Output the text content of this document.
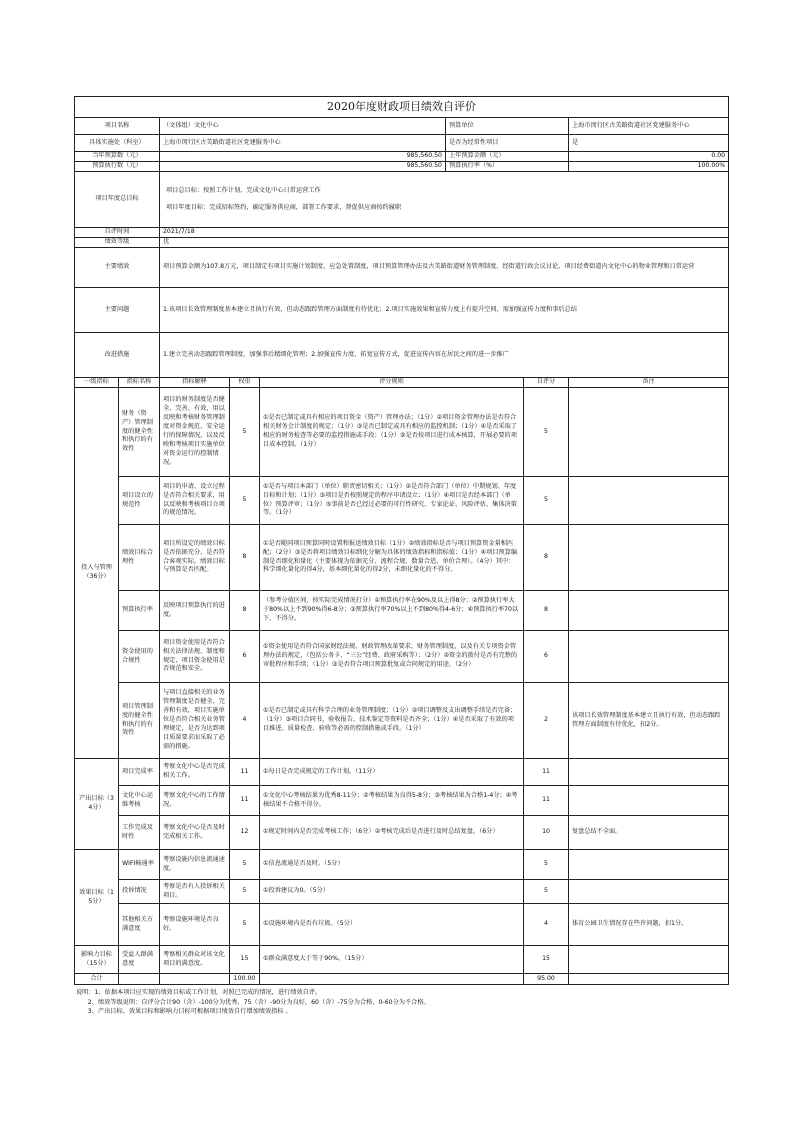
2020年度财政项目绩效自评价							
项目名称		（文体组）文化中心			预算单位		上海市闵行区古美路街道社区党建服务中心
具体实施处（科室）		上海市闵行区古美路街道社区党建服务中心			是否为经常性项目		是
当年预算数（元）		985,560.50			上年预算金额（元）		0.00
预算执行数（元）		985,560.50			预算执行率（%）		100.00%
项目年度总目标		项目总目标：按照工作计划，完成文化中心日常运营工作
项目年度目标：完成招标签约，确定服务供应商，部署工作要求，督促供应商按约履职					

自评时间		2021/7/18					
绩效等级		优					
主要绩效		项目预算金额为107.8万元，项目制定有项目实施计划制度、应急处置制度，项目预算管理办法及古美路街道财务管理制度、经街道行政会议讨论，项目经费街道内文化中心的物业管理和日常运营					
主要问题		1.该项目长效管理制度基本建立且执行有效，但动态跟踪管理方面制度有待优化；2.项目实施效果和宣传力度上有提升空间，需加强宣传力度和事后总结					
改进措施		1.建立完善动态跟踪管理制度，加强事后精细化管理；2.加强宣传力度、拓宽宣传方式，促进宣传内容在居民之间的进一步推广					
一级指标	指标名称	指标解释	权重	评分规则		自评分	备注
投入与管理（36分）	财务（资产）管理制度的健全性和执行的有效性	项目的财务制度是否健全、完善、有效，用以反映和考核财务管理制度对资金规范、安全运行的保障情况，以及反映和考核项目实施单位对资金运行的控制情况。	5	①是否已制定或具有相应的项目资金（资产）管理办法；（1分）②项目资金管理办法是否符合相关财务会计制度的规定；（1分）③是否已制定或具有相应的监控机制；（1分）④是否采取了相应的财务检查等必要的监控措施或手段；（1分）⑤是否按项目进行成本核算，开展必要的项目成本控制。（1分）		5	
	项目设立的规范性	项目的申请、设立过程是否符合相关要求，用以反映和考核项目立项的规范情况。	5	①是否与项目本部门（单位）职责密切相关；（1分）②是否符合部门（单位）中期规划、年度目标和计划；（1分）③项目是否按照规定的程序申请设立；（1分）④项目是否经本部门（单位）预算评审；（1分）⑤事前是否已经过必要的可行性研究、专家论证、风险评估、集体决策等。（1分）		5	
	绩效目标合理性	项目所设定的绩效目标是否依据充分，是否符合客观实际，绩效目标与预算是否匹配。	8	①是否随同项目预算同时设置和报送绩效目标（1分）②绩效指标是否与项目预算资金量相匹配；（2分）③是否将项目绩效目标细化分解为具体的绩效指标和指标值；（1分）④项目预算编制是否细化和量化（主要体现为依据充分、流程合规、数量合适、单价合理）。（4分）其中：科学细化量化的得4分，基本细化量化的得2分，未细化量化的不得分。		8	
	预算执行率	反映项目预算执行的进度。	8	（参考分值区间，按实际完成情况打分）①预算执行率在90%及以上得8分；②预算执行率大于80%以上不到90%得6-8分；③预算执行率70%以上不到80%得4-6分；④预算执行率70以下，不得分。		8	
	资金使用的合规性	项目资金使用是否符合相关法律法规、制度和规定，项目资金使用是否规范和安全。	6	①资金使用是否符合国家财经法规、财政管理改革要求，财务管理制度，以及有关专项资金管理办法的规定，（包括公务卡、“三公”经费、政府采购等）；（2分）②资金的拨付是否有完整的审批程序和手续；（1分）③是否符合项目预算批复或合同规定的用途，（2分）		6	
	项目管理制度的健全性和执行的有效性	与项目直接相关的业务管理制度是否健全、完善和有效，项目实施单位是否符合相关业务管理规定，是否为达到项目质量要求而采取了必需的措施。	4	①是否已制定或具有科学合理的业务管理制度；（1分）②项目调整及支出调整手续是否完备；（1分）③项目合同书、验收报告、技术鉴定等资料是否齐全；（1分）④是否采取了有效的项目推进、质量检查、验收等必需的控制措施或手段。（1分）		2	该项目长效管理制度基本建立且执行有效，但动态跟踪管理方面制度有待优化，扣2分。
产出目标（34分）	项目完成率	考察文化中心是否完成相关工作。	11	①每日是否完成规定的工作计划。（11分）		11	
	文化中心运维考核	考察文化中心的工作情况。	11	①文化中心考核结果为优秀8-11分；②考核结果为良得5-8分；③考核结果为合格1-4分；④考核结果不合格不得分。		11	
	工作完成及时性	考察文化中心是否及时完成相关工作。	12	①规定时间内是否完成考核工作；（6分）②考核完成后是否进行及时总结复盘。（6分）		10	复盘总结不全面。
效果目标（15分）	WIFI畅通率	考察设施内信息流通速度。	5	①信息流通是否及时。（5分）		5	
	投诉情况	考察是否有人投诉相关项目。	5	①投诉建议为0。（5分）		5	
	其他相关方满意度	考察设施环境是否良好。	5	①设施环境内是否有垃圾。（5分）		4	体育公园卫生情况存在些许问题，扣1分。
影响力目标（15分）	受益人群满意度	考察相关群众对该文化项目的满意度。	15	①群众满意度大于等于90%。（15分）		15	
合计			100.00			95.00	
说明：1、依据本项目应实现的绩效目标或工作计划，对照已完成的情况，进行绩效自评。
2、绩效等级说明：自评分合计90（含）-100分为优秀，75（含）-90分为良好，60（含）-75分为合格，0-60分为不合格。
3、产出目标、效果目标和影响力目标可根据项目绩效自行增加绩效指标 。
